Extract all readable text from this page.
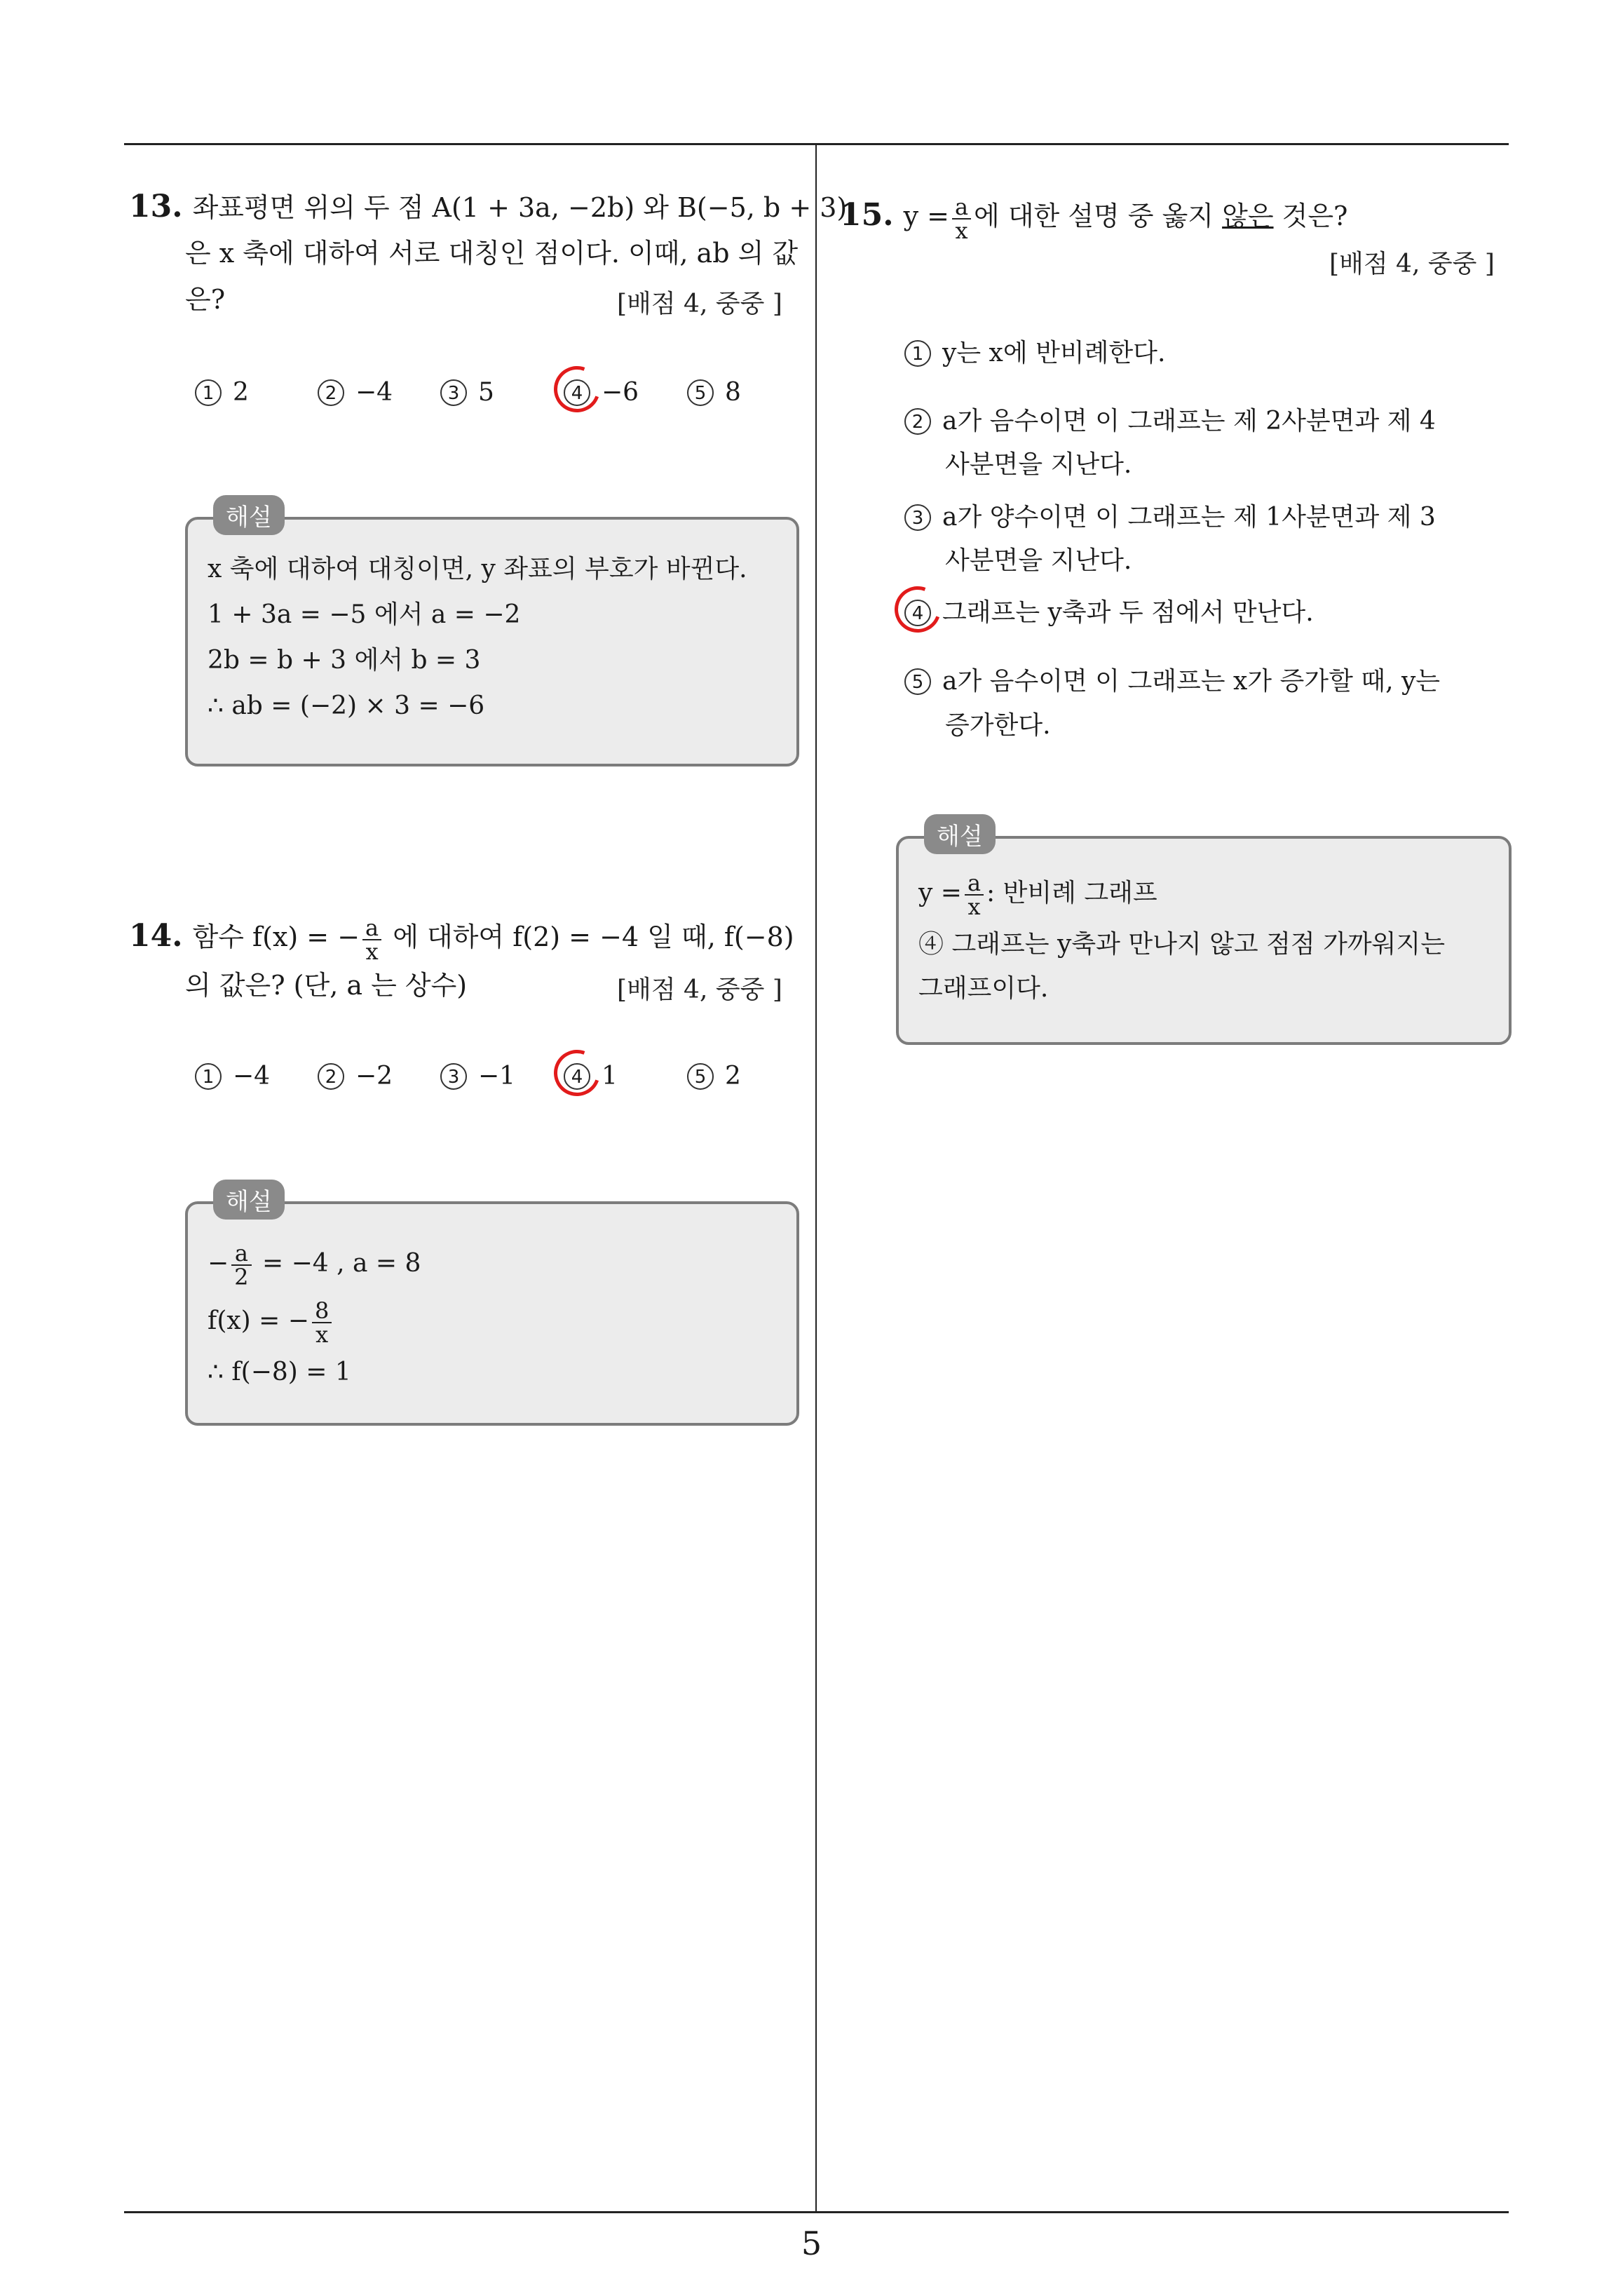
13. 좌표평면 위의 두 점 A(1 + 3a, −2b) 와 B(−5, b + 3)
은 x 축에 대하여 서로 대칭인 점이다. 이때, ab 의 값
은?	[배점 4, 중중 ]
1 2	2 −4	3 5	4 −6	5 8
해설
x 축에 대하여 대칭이면, y 좌표의 부호가 바뀐다.
1 + 3a = −5 에서 a = −2
2b = b + 3 에서 b = 3
∴ ab = (−2) × 3 = −6
14. 함수 f(x) = − $\frac{a}{x}$ 에 대하여 f(2) = −4 일 때, f(−8)
의 값은? (단, a 는 상수)	[배점 4, 중중 ]
1 −4	2 −2	3 −1	4 1	5 2
해설
− $\frac{a}{2} = -4$ , a = 8
f(x) = − $\frac{8}{x}$
∴ f(−8) = 1
15. $y = \frac{a}{x}$ 에 대한 설명 중 옳지 않은 것은?
[배점 4, 중중 ]
1 y는 x에 반비례한다.
2 a가 음수이면 이 그래프는 제 2사분면과 제 4
사분면을 지난다.
3 a가 양수이면 이 그래프는 제 1사분면과 제 3
사분면을 지난다.
4 그래프는 y축과 두 점에서 만난다.
5 a가 음수이면 이 그래프는 x가 증가할 때, y는
증가한다.
해설
$y = \frac{a}{x}$ : 반비례 그래프
④ 그래프는 y축과 만나지 않고 점점 가까워지는
그래프이다.
5
